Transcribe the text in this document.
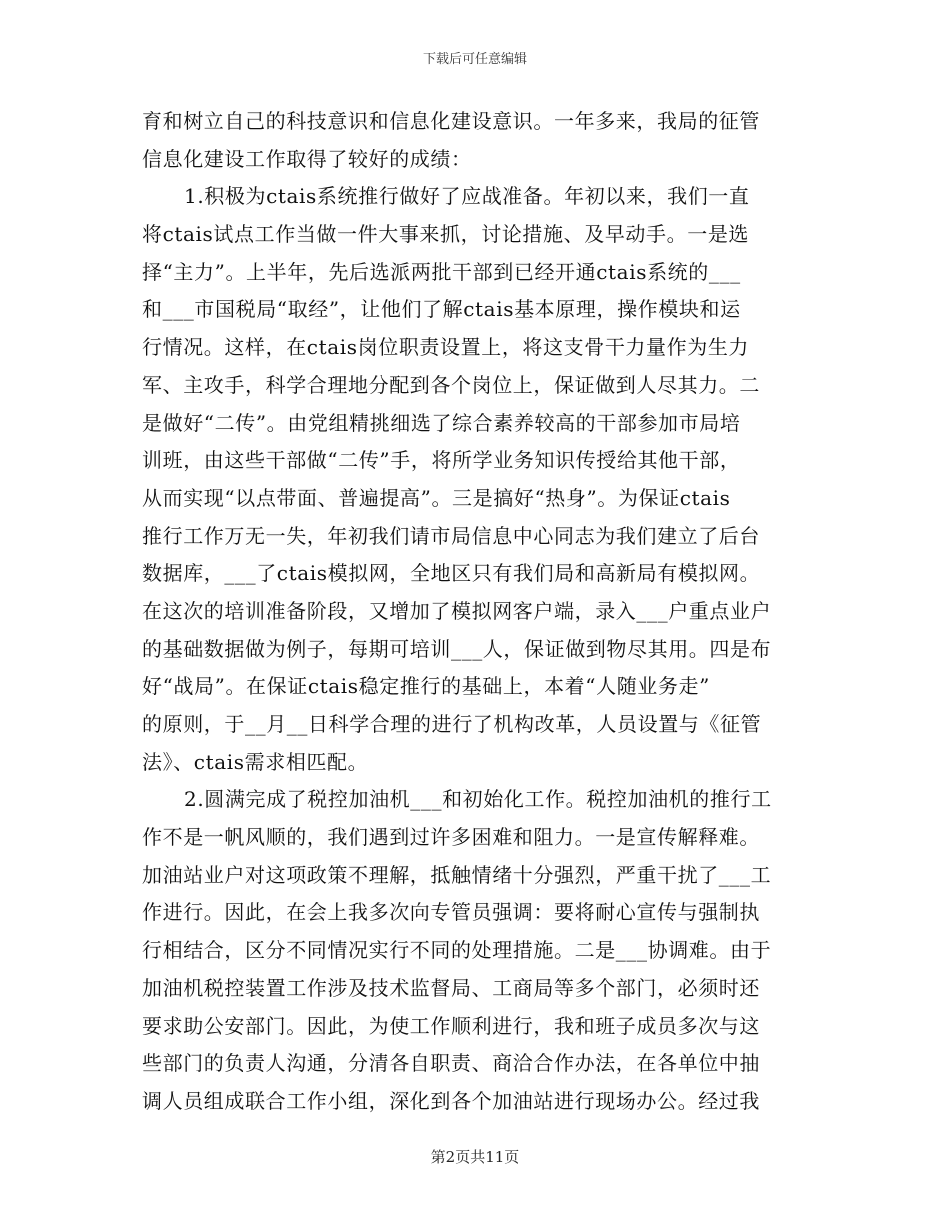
下载后可任意编辑
育和树立自己的科技意识和信息化建设意识。一年多来，我局的征管
信息化建设工作取得了较好的成绩：
1.积极为ctais系统推行做好了应战准备。年初以来，我们一直
将ctais试点工作当做一件大事来抓，讨论措施、及早动手。一是选
择“主力”。上半年，先后选派两批干部到已经开通ctais系统的___
和___市国税局“取经”，让他们了解ctais基本原理，操作模块和运
行情况。这样，在ctais岗位职责设置上，将这支骨干力量作为生力
军、主攻手，科学合理地分配到各个岗位上，保证做到人尽其力。二
是做好“二传”。由党组精挑细选了综合素养较高的干部参加市局培
训班，由这些干部做“二传”手，将所学业务知识传授给其他干部，
从而实现“以点带面、普遍提高”。三是搞好“热身”。为保证ctais
推行工作万无一失，年初我们请市局信息中心同志为我们建立了后台
数据库，___了ctais模拟网，全地区只有我们局和高新局有模拟网。
在这次的培训准备阶段，又增加了模拟网客户端，录入___户重点业户
的基础数据做为例子，每期可培训___人，保证做到物尽其用。四是布
好“战局”。在保证ctais稳定推行的基础上，本着“人随业务走”
的原则，于__月__日科学合理的进行了机构改革，人员设置与《征管
法》、ctais需求相匹配。
2.圆满完成了税控加油机___和初始化工作。税控加油机的推行工
作不是一帆风顺的，我们遇到过许多困难和阻力。一是宣传解释难。
加油站业户对这项政策不理解，抵触情绪十分强烈，严重干扰了___工
作进行。因此，在会上我多次向专管员强调：要将耐心宣传与强制执
行相结合，区分不同情况实行不同的处理措施。二是___协调难。由于
加油机税控装置工作涉及技术监督局、工商局等多个部门，必须时还
要求助公安部门。因此，为使工作顺利进行，我和班子成员多次与这
些部门的负责人沟通，分清各自职责、商洽合作办法，在各单位中抽
调人员组成联合工作小组，深化到各个加油站进行现场办公。经过我
第2页共11页
